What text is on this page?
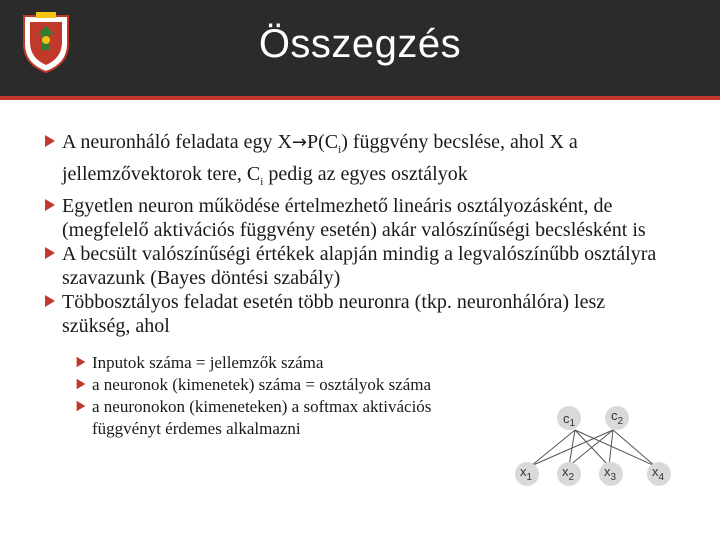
Összegzés
A neuronháló feladata egy $X\to P(C_i)$ függvény becslése, ahol X a jellemzővektorok tere, $C_i$ pedig az egyes osztályok
Egyetlen neuron működése értelmezhető lineáris osztályozásként, de (megfelelő aktivációs függvény esetén) akár valószínűségi becslésként is
A becsült valószínűségi értékek alapján mindig a legvalószínűbb osztályra szavazunk (Bayes döntési szabály)
Többosztályos feladat esetén több neuronra (tkp. neuronhálóra) lesz szükség, ahol
Inputok száma = jellemzők száma
a neuronok (kimenetek) száma = osztályok száma
a neuronokon (kimeneteken) a softmax aktivációs függvényt érdemes alkalmazni
$c_1$
$c_2$
$x_1$ $x_2$ $x_3$	$x_4$
